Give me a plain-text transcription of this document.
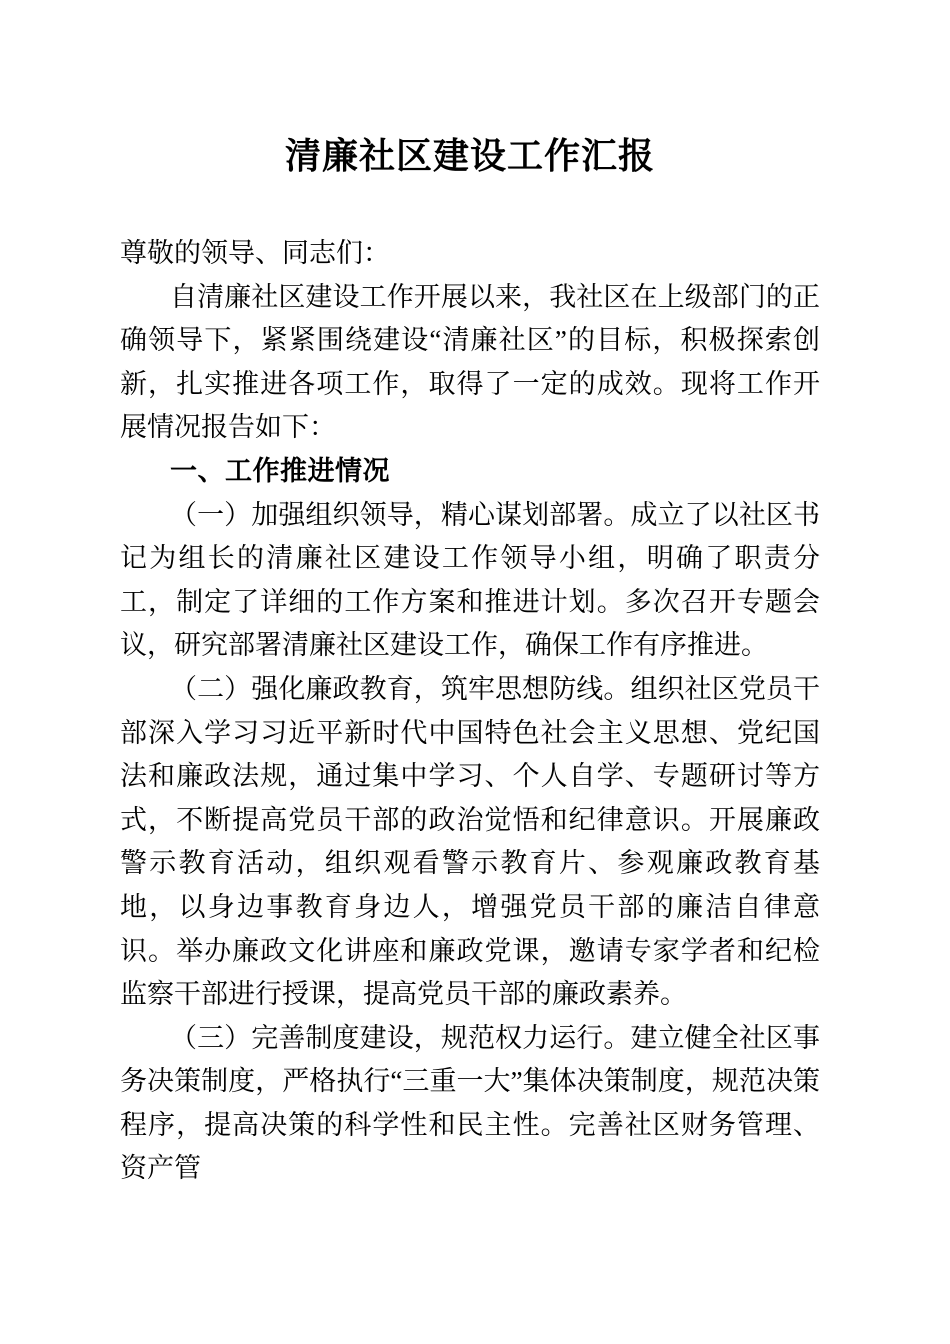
清廉社区建设工作汇报

尊敬的领导、同志们：

自清廉社区建设工作开展以来，我社区在上级部门的正确领导下，紧紧围绕建设“清廉社区”的目标，积极探索创新，扎实推进各项工作，取得了一定的成效。现将工作开展情况报告如下：

一、工作推进情况

（一）加强组织领导，精心谋划部署。成立了以社区书记为组长的清廉社区建设工作领导小组，明确了职责分工，制定了详细的工作方案和推进计划。多次召开专题会议，研究部署清廉社区建设工作，确保工作有序推进。

（二）强化廉政教育，筑牢思想防线。组织社区党员干部深入学习习近平新时代中国特色社会主义思想、党纪国法和廉政法规，通过集中学习、个人自学、专题研讨等方式，不断提高党员干部的政治觉悟和纪律意识。开展廉政警示教育活动，组织观看警示教育片、参观廉政教育基地，以身边事教育身边人，增强党员干部的廉洁自律意识。举办廉政文化讲座和廉政党课，邀请专家学者和纪检监察干部进行授课，提高党员干部的廉政素养。

（三）完善制度建设，规范权力运行。建立健全社区事务决策制度，严格执行“三重一大”集体决策制度，规范决策程序，提高决策的科学性和民主性。完善社区财务管理、资产管
